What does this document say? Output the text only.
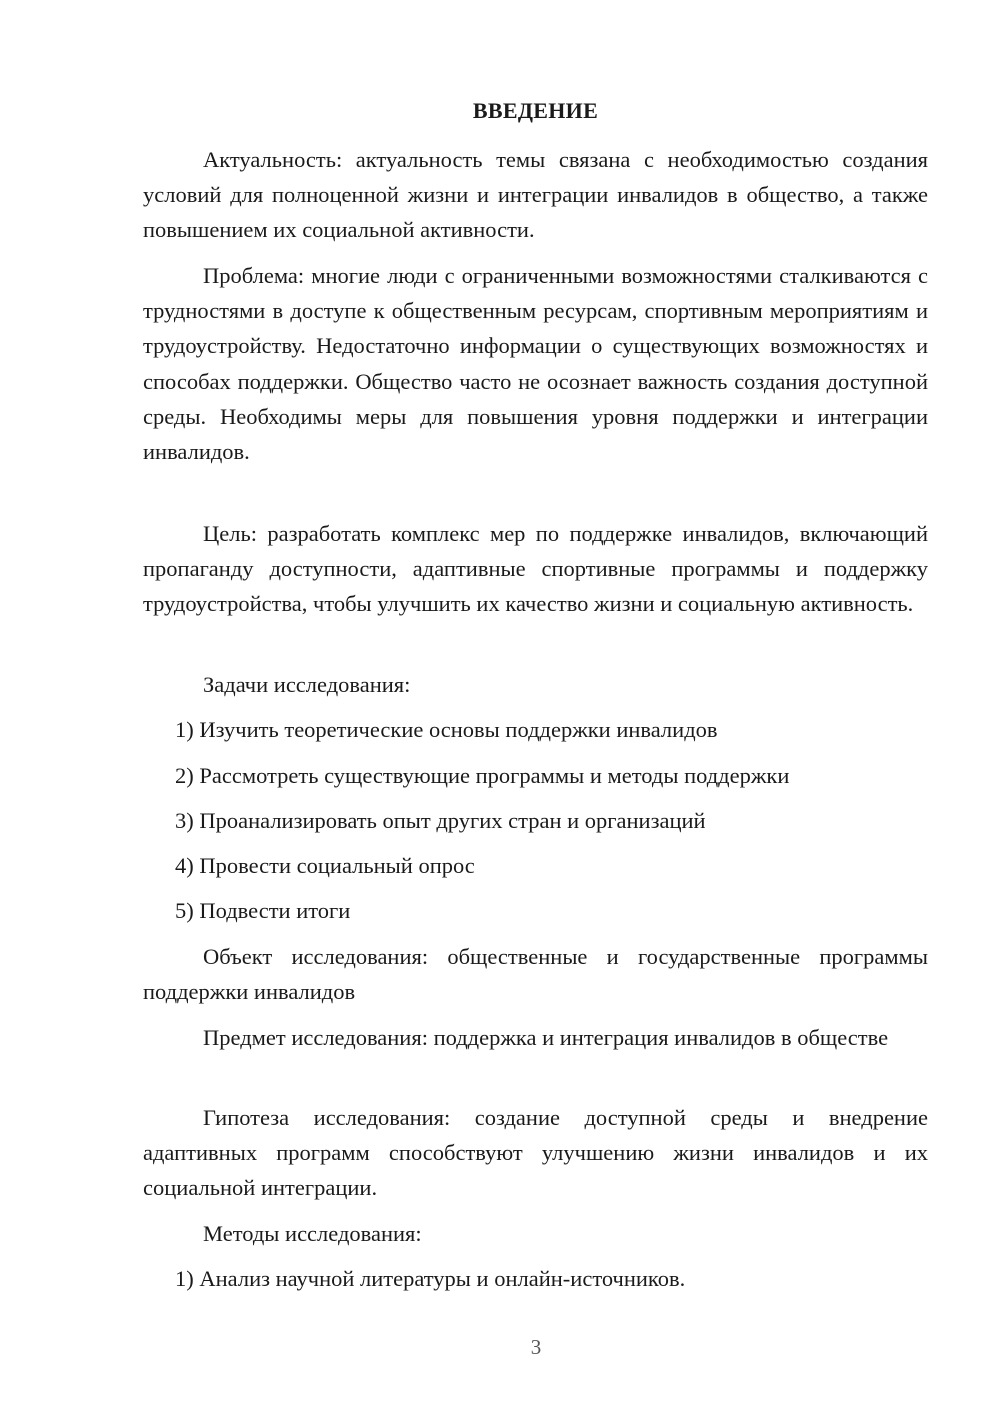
ВВЕДЕНИЕ

Актуальность: актуальность темы связана с необходимостью создания условий для полноценной жизни и интеграции инвалидов в общество, а также повышением их социальной активности.

Проблема: многие люди с ограниченными возможностями сталкиваются с трудностями в доступе к общественным ресурсам, спортивным мероприятиям и трудоустройству. Недостаточно информации о существующих возможностях и способах поддержки. Общество часто не осознает важность создания доступной среды. Необходимы меры для повышения уровня поддержки и интеграции инвалидов.

Цель: разработать комплекс мер по поддержке инвалидов, включающий пропаганду доступности, адаптивные спортивные программы и поддержку трудоустройства, чтобы улучшить их качество жизни и социальную активность.

Задачи исследования:
1) Изучить теоретические основы поддержки инвалидов
2) Рассмотреть существующие программы и методы поддержки
3) Проанализировать опыт других стран и организаций
4) Провести социальный опрос
5) Подвести итоги

Объект исследования: общественные и государственные программы поддержки инвалидов

Предмет исследования: поддержка и интеграция инвалидов в обществе

Гипотеза исследования: создание доступной среды и внедрение адаптивных программ способствуют улучшению жизни инвалидов и их социальной интеграции.

Методы исследования:
1) Анализ научной литературы и онлайн-источников.
3
